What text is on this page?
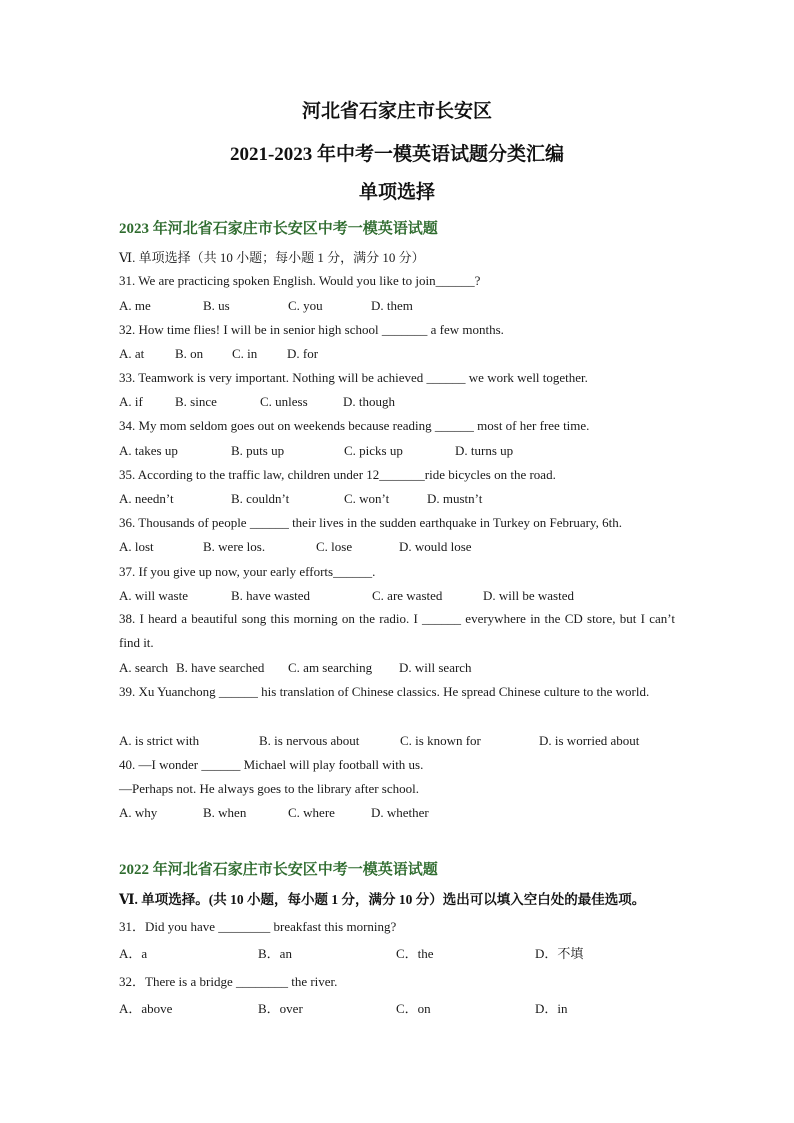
河北省石家庄市长安区
2021-2023 年中考一模英语试题分类汇编
单项选择
2023 年河北省石家庄市长安区中考一模英语试题
Ⅵ. 单项选择（共 10 小题；每小题 1 分，满分 10 分）
31. We are practicing spoken English. Would you like to join______?
A. me	B. us	C. you	D. them
32. How time flies! I will be in senior high school _______ a few months.
A. at B. on C. in D. for
33. Teamwork is very important. Nothing will be achieved ______ we work well together.
A. if B. since	C. unless	D. though
34. My mom seldom goes out on weekends because reading ______ most of her free time.
A. takes up	B. puts up	C. picks up	D. turns up
35. According to the traffic law, children under 12_______ride bicycles on the road.
A. needn’t	B. couldn’t	C. won’t	D. mustn’t
36. Thousands of people ______ their lives in the sudden earthquake in Turkey on February, 6th.
A. lost	B. were los.	C. lose	D. would lose
37. If you give up now, your early efforts______.
A. will waste	B. have wasted	C. are wasted	D. will be wasted
38. I heard a beautiful song this morning on the radio. I ______ everywhere in the CD store, but I can’t find it.
A. search B. have searched C. am searching D. will search
39. Xu Yuanchong ______ his translation of Chinese classics. He spread Chinese culture to the world.
A. is strict with	B. is nervous about	C. is known for	D. is worried about
40. —I wonder ______ Michael will play football with us.
—Perhaps not. He always goes to the library after school.
A. why	B. when	C. where	D. whether
2022 年河北省石家庄市长安区中考一模英语试题
Ⅵ. 单项选择。(共 10 小题，每小题 1 分，满分 10 分）选出可以填入空白处的最佳选项。
31．Did you have ________ breakfast this morning?
A．a	B．an	C．the	D．不填
32．There is a bridge ________ the river.
A．above	B．over	C．on	D．in
